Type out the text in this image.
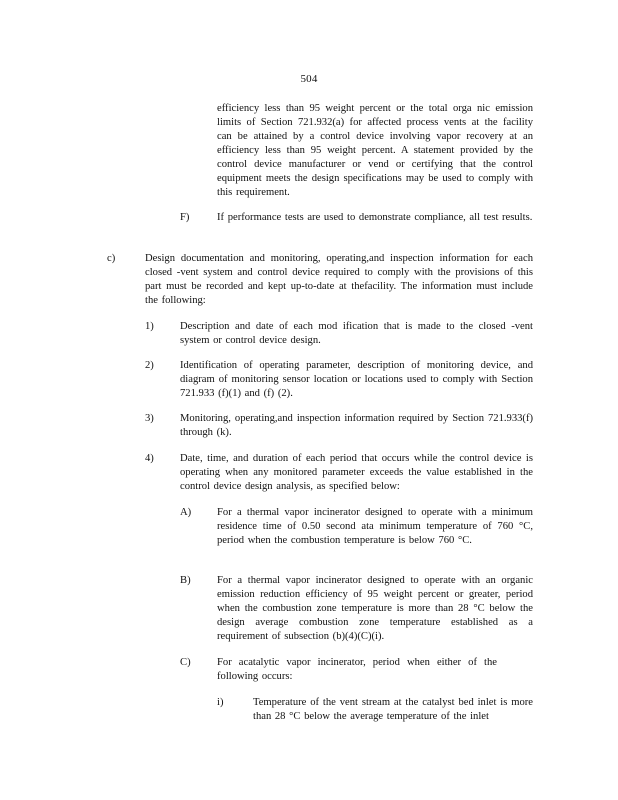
504
efficiency less than 95 weight percent or the total orga nic emission limits of Section 721.932(a) for affected process vents at the facility can be attained by a control device involving vapor recovery at an efficiency less than 95 weight percent. A statement provided by the control device manufacturer or vend or certifying that the control equipment meets the design specifications may be used to comply with this requirement.
F)	If performance tests are used to demonstrate compliance, all test results.
c)	Design documentation and monitoring, operating,and inspection information for each closed -vent system and control device required to comply with the provisions of this part must be recorded and kept up-to-date at thefacility. The information must include the following:
1) Description and date of each mod ification that is made to the closed -vent system or control device design.
2) Identification of operating parameter, description of monitoring device, and diagram of monitoring sensor location or locations used to comply with Section 721.933 (f)(1) and (f) (2).
3) Monitoring, operating,and inspection information required by Section 721.933(f) through (k).
4) Date, time, and duration of each period that occurs while the control device is operating when any monitored parameter exceeds the value established in the control device design analysis, as specified below:
A) For a thermal vapor incinerator designed to operate with a minimum residence time of 0.50 second ata minimum temperature of 760 °C, period when the combustion temperature is below 760 °C.
B) For a thermal vapor incinerator designed to operate with an organic emission reduction efficiency of 95 weight percent or greater, period when the combustion zone temperature is more than 28 °C below the design average combustion zone temperature established as a requirement of subsection (b)(4)(C)(i).
C) For acatalytic vapor incinerator, period when either of the following occurs:
i)	Temperature of the vent stream at the catalyst bed inlet is more than 28 °C below the average temperature of the inlet
